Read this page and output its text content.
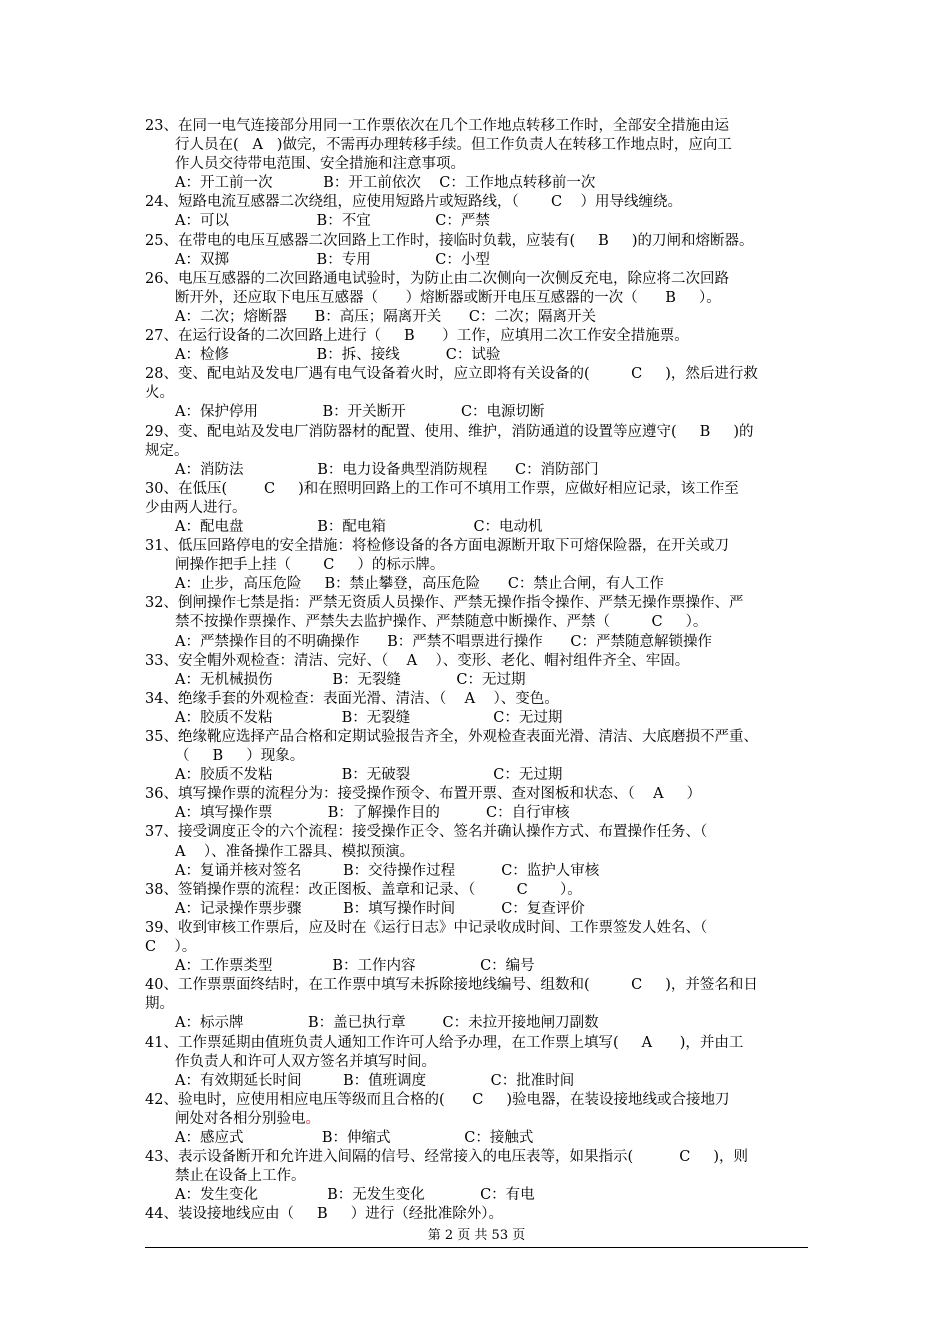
23、在同一电气连接部分用同一工作票依次在几个工作地点转移工作时，全部安全措施由运
行人员在(   A   )做完，不需再办理转移手续。但工作负责人在转移工作地点时，应向工
作人员交待带电范围、安全措施和注意事项。
A：开工前一次           B：开工前依次    C：工作地点转移前一次
24、短路电流互感器二次绕组，应使用短路片或短路线，（       C    ）用导线缠绕。
A：可以                   B：不宜              C：严禁
25、在带电的电压互感器二次回路上工作时，接临时负载，应装有(     B     )的刀闸和熔断器。
A：双掷                   B：专用              C：小型
26、电压互感器的二次回路通电试验时，为防止由二次侧向一次侧反充电，除应将二次回路
断开外，还应取下电压互感器（      ）熔断器或断开电压互感器的一次（      B     ）。
A：二次；熔断器      B：高压；隔离开关      C：二次；隔离开关
27、在运行设备的二次回路上进行（     B      ）工作，应填用二次工作安全措施票。
A：检修                   B：拆、接线          C：试验
28、变、配电站及发电厂遇有电气设备着火时，应立即将有关设备的(         C     )，然后进行救
火。
A：保护停用              B：开关断开            C：电源切断
29、变、配电站及发电厂消防器材的配置、使用、维护，消防通道的设置等应遵守(     B     )的
规定。
A：消防法                B：电力设备典型消防规程      C：消防部门
30、在低压(        C     )和在照明回路上的工作可不填用工作票，应做好相应记录，该工作至
少由两人进行。
A：配电盘                B：配电箱                   C：电动机
31、低压回路停电的安全措施：将检修设备的各方面电源断开取下可熔保险器，在开关或刀
闸操作把手上挂（       C     ）的标示牌。
A：止步，高压危险     B：禁止攀登，高压危险      C：禁止合闸，有人工作
32、倒闸操作七禁是指：严禁无资质人员操作、严禁无操作指令操作、严禁无操作票操作、严
禁不按操作票操作、严禁失去监护操作、严禁随意中断操作、严禁（         C     ）。
A：严禁操作目的不明确操作      B：严禁不唱票进行操作      C：严禁随意解锁操作
33、安全帽外观检查：清洁、完好、（    A    ）、变形、老化、帽衬组件齐全、牢固。
A：无机械损伤             B：无裂缝            C：无过期
34、绝缘手套的外观检查：表面光滑、清洁、（    A    ）、变色。
A：胶质不发粘               B：无裂缝                  C：无过期
35、绝缘靴应选择产品合格和定期试验报告齐全，外观检查表面光滑、清洁、大底磨损不严重、
（     B     ）现象。
A：胶质不发粘               B：无破裂                  C：无过期
36、填写操作票的流程分为：接受操作预令、布置开票、查对图板和状态、（    A     ）
A：填写操作票            B：了解操作目的          C：自行审核
37、接受调度正令的六个流程：接受操作正令、签名并确认操作方式、布置操作任务、（
A    ）、准备操作工器具、模拟预演。
A：复诵并核对签名         B：交待操作过程          C：监护人审核
38、签销操作票的流程：改正图板、盖章和记录、（         C       ）。
A：记录操作票步骤         B：填写操作时间          C：复查评价
39、收到审核工作票后，应及时在《运行日志》中记录收成时间、工作票签发人姓名、（
C    ）。
A：工作票类型             B：工作内容              C：编号
40、工作票票面终结时，在工作票中填写未拆除接地线编号、组数和(         C     )，并签名和日
期。
A：标示牌              B：盖已执行章        C：未拉开接地闸刀副数
41、工作票延期由值班负责人通知工作许可人给予办理，在工作票上填写(     A      )，并由工
作负责人和许可人双方签名并填写时间。
A：有效期延长时间         B：值班调度              C：批准时间
42、验电时，应使用相应电压等级而且合格的(      C     )验电器，在装设接地线或合接地刀
闸处对各相分别验电。
A：感应式                 B：伸缩式                C：接触式
43、表示设备断开和允许进入间隔的信号、经常接入的电压表等，如果指示(          C     )，则
禁止在设备上工作。
A：发生变化               B：无发生变化            C：有电
44、装设接地线应由（     B     ）进行（经批准除外）。
第 2 页 共 53 页
